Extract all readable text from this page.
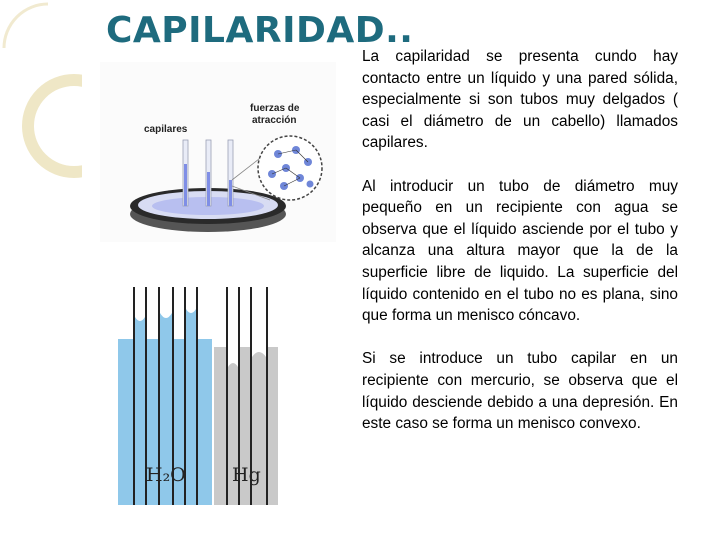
CAPILARIDAD..
capilares
fuerzas de
atracción
H₂O Hg

La capilaridad se presenta cundo hay contacto entre un líquido y una pared sólida, especialmente si son tubos muy delgados ( casi el diámetro de un cabello) llamados capilares.

Al introducir un tubo de diámetro muy pequeño en un recipiente con agua se observa que el líquido asciende por el tubo y alcanza una altura mayor que la de la superficie libre de liquido. La superficie del líquido contenido en el tubo no es plana, sino que forma un menisco cóncavo.

Si se introduce un tubo capilar en un recipiente con mercurio, se observa que el líquido desciende debido a una depresión. En este caso se forma un menisco convexo.
